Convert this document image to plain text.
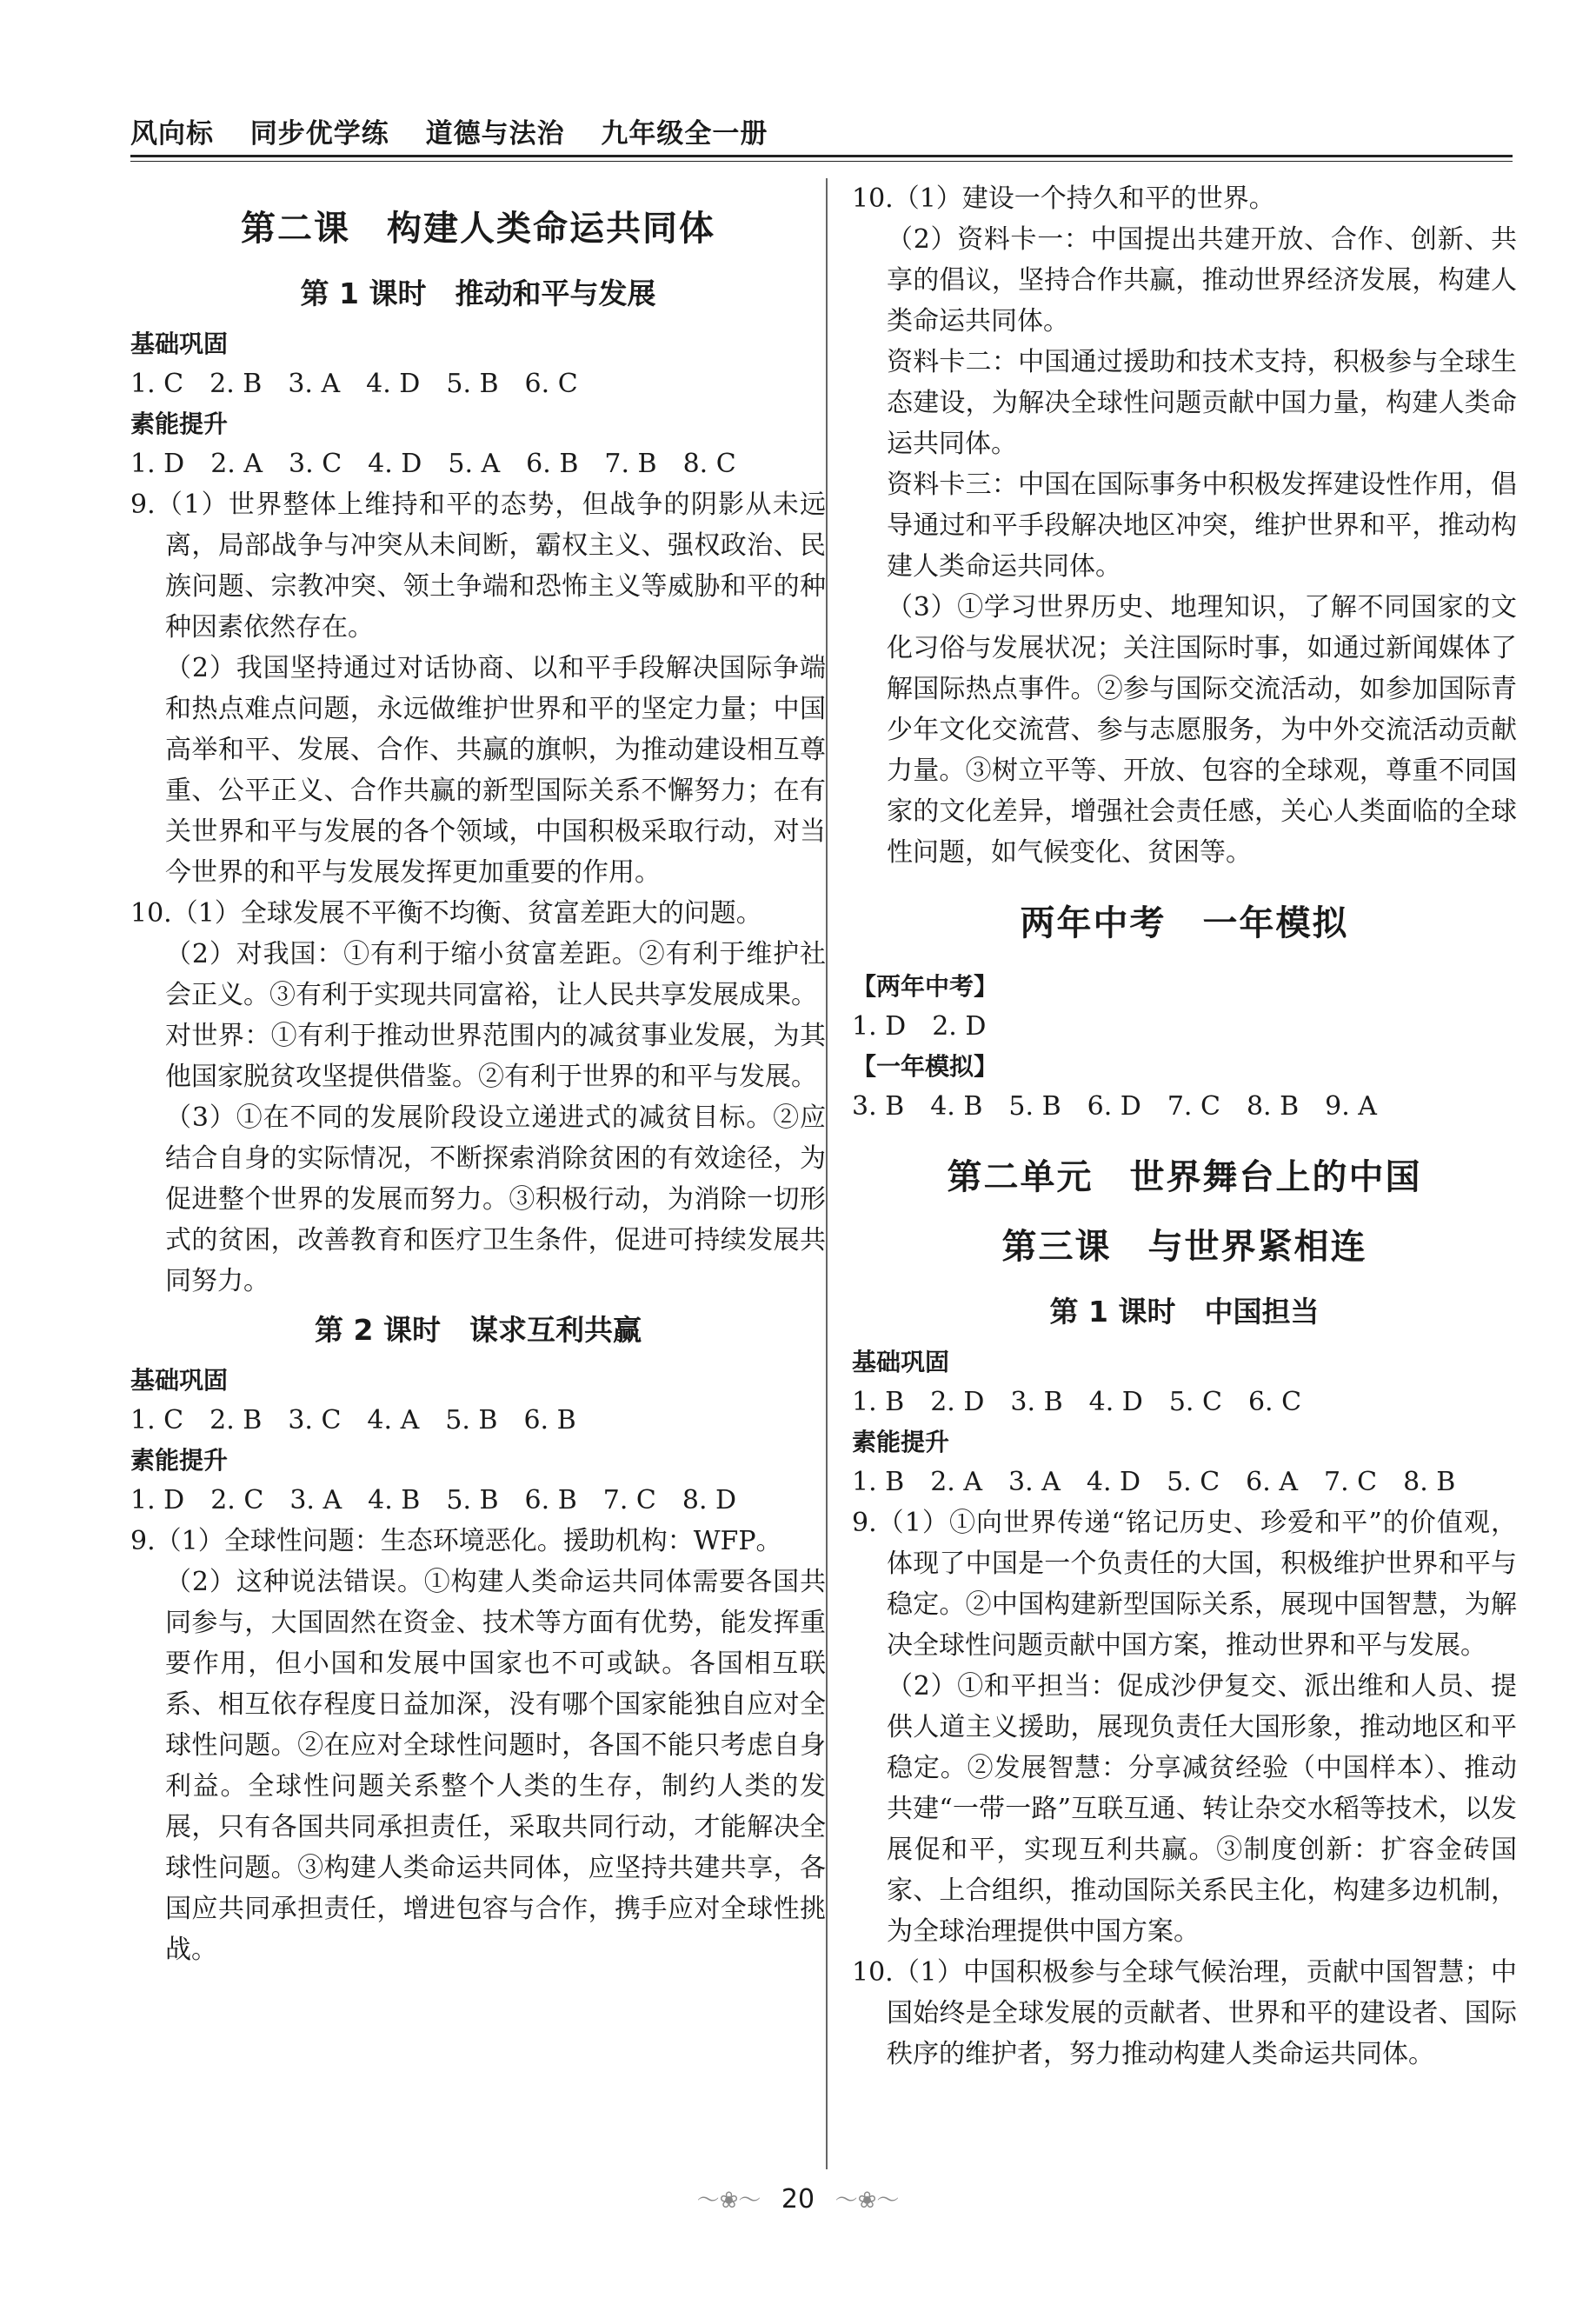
风向标 同步优学练 道德与法治 九年级全一册
第二课　构建人类命运共同体
第 1 课时　推动和平与发展
基础巩固
1. C　2. B　3. A　4. D　5. B　6. C
素能提升
1. D　2. A　3. C　4. D　5. A　6. B　7. B　8. C

9.（1）世界整体上维持和平的态势，但战争的阴影从未远离，局部战争与冲突从未间断，霸权主义、强权政治、民族问题、宗教冲突、领土争端和恐怖主义等威胁和平的种种因素依然存在。

（2）我国坚持通过对话协商、以和平手段解决国际争端和热点难点问题，永远做维护世界和平的坚定力量；中国高举和平、发展、合作、共赢的旗帜，为推动建设相互尊重、公平正义、合作共赢的新型国际关系不懈努力；在有关世界和平与发展的各个领域，中国积极采取行动，对当今世界的和平与发展发挥更加重要的作用。

10.（1）全球发展不平衡不均衡、贫富差距大的问题。

（2）对我国：①有利于缩小贫富差距。②有利于维护社会正义。③有利于实现共同富裕，让人民共享发展成果。

对世界：①有利于推动世界范围内的减贫事业发展，为其他国家脱贫攻坚提供借鉴。②有利于世界的和平与发展。

（3）①在不同的发展阶段设立递进式的减贫目标。②应结合自身的实际情况，不断探索消除贫困的有效途径，为促进整个世界的发展而努力。③积极行动，为消除一切形式的贫困，改善教育和医疗卫生条件，促进可持续发展共同努力。

第 2 课时　谋求互利共赢
基础巩固
1. C　2. B　3. C　4. A　5. B　6. B
素能提升
1. D　2. C　3. A　4. B　5. B　6. B　7. C　8. D

9.（1）全球性问题：生态环境恶化。援助机构：WFP。

（2）这种说法错误。①构建人类命运共同体需要各国共同参与，大国固然在资金、技术等方面有优势，能发挥重要作用，但小国和发展中国家也不可或缺。各国相互联系、相互依存程度日益加深，没有哪个国家能独自应对全球性问题。②在应对全球性问题时，各国不能只考虑自身利益。全球性问题关系整个人类的生存，制约人类的发展，只有各国共同承担责任，采取共同行动，才能解决全球性问题。③构建人类命运共同体，应坚持共建共享，各国应共同承担责任，增进包容与合作，携手应对全球性挑战。

10.（1）建设一个持久和平的世界。

（2）资料卡一：中国提出共建开放、合作、创新、共享的倡议，坚持合作共赢，推动世界经济发展，构建人类命运共同体。

资料卡二：中国通过援助和技术支持，积极参与全球生态建设，为解决全球性问题贡献中国力量，构建人类命运共同体。

资料卡三：中国在国际事务中积极发挥建设性作用，倡导通过和平手段解决地区冲突，维护世界和平，推动构建人类命运共同体。

（3）①学习世界历史、地理知识，了解不同国家的文化习俗与发展状况；关注国际时事，如通过新闻媒体了解国际热点事件。②参与国际交流活动，如参加国际青少年文化交流营、参与志愿服务，为中外交流活动贡献力量。③树立平等、开放、包容的全球观，尊重不同国家的文化差异，增强社会责任感，关心人类面临的全球性问题，如气候变化、贫困等。

两年中考　一年模拟
【两年中考】
1. D　2. D
【一年模拟】
3. B　4. B　5. B　6. D　7. C　8. B　9. A
第二单元　世界舞台上的中国
第三课　与世界紧相连
第 1 课时　中国担当
基础巩固
1. B　2. D　3. B　4. D　5. C　6. C
素能提升
1. B　2. A　3. A　4. D　5. C　6. A　7. C　8. B

9.（1）①向世界传递“铭记历史、珍爱和平”的价值观，体现了中国是一个负责任的大国，积极维护世界和平与稳定。②中国构建新型国际关系，展现中国智慧，为解决全球性问题贡献中国方案，推动世界和平与发展。

（2）①和平担当：促成沙伊复交、派出维和人员、提供人道主义援助，展现负责任大国形象，推动地区和平稳定。②发展智慧：分享减贫经验（中国样本）、推动共建“一带一路”互联互通、转让杂交水稻等技术，以发展促和平，实现互利共赢。③制度创新：扩容金砖国家、上合组织，推动国际关系民主化，构建多边机制，为全球治理提供中国方案。

10.（1）中国积极参与全球气候治理，贡献中国智慧；中国始终是全球发展的贡献者、世界和平的建设者、国际秩序的维护者，努力推动构建人类命运共同体。

～❀～ 20 ～❀～
